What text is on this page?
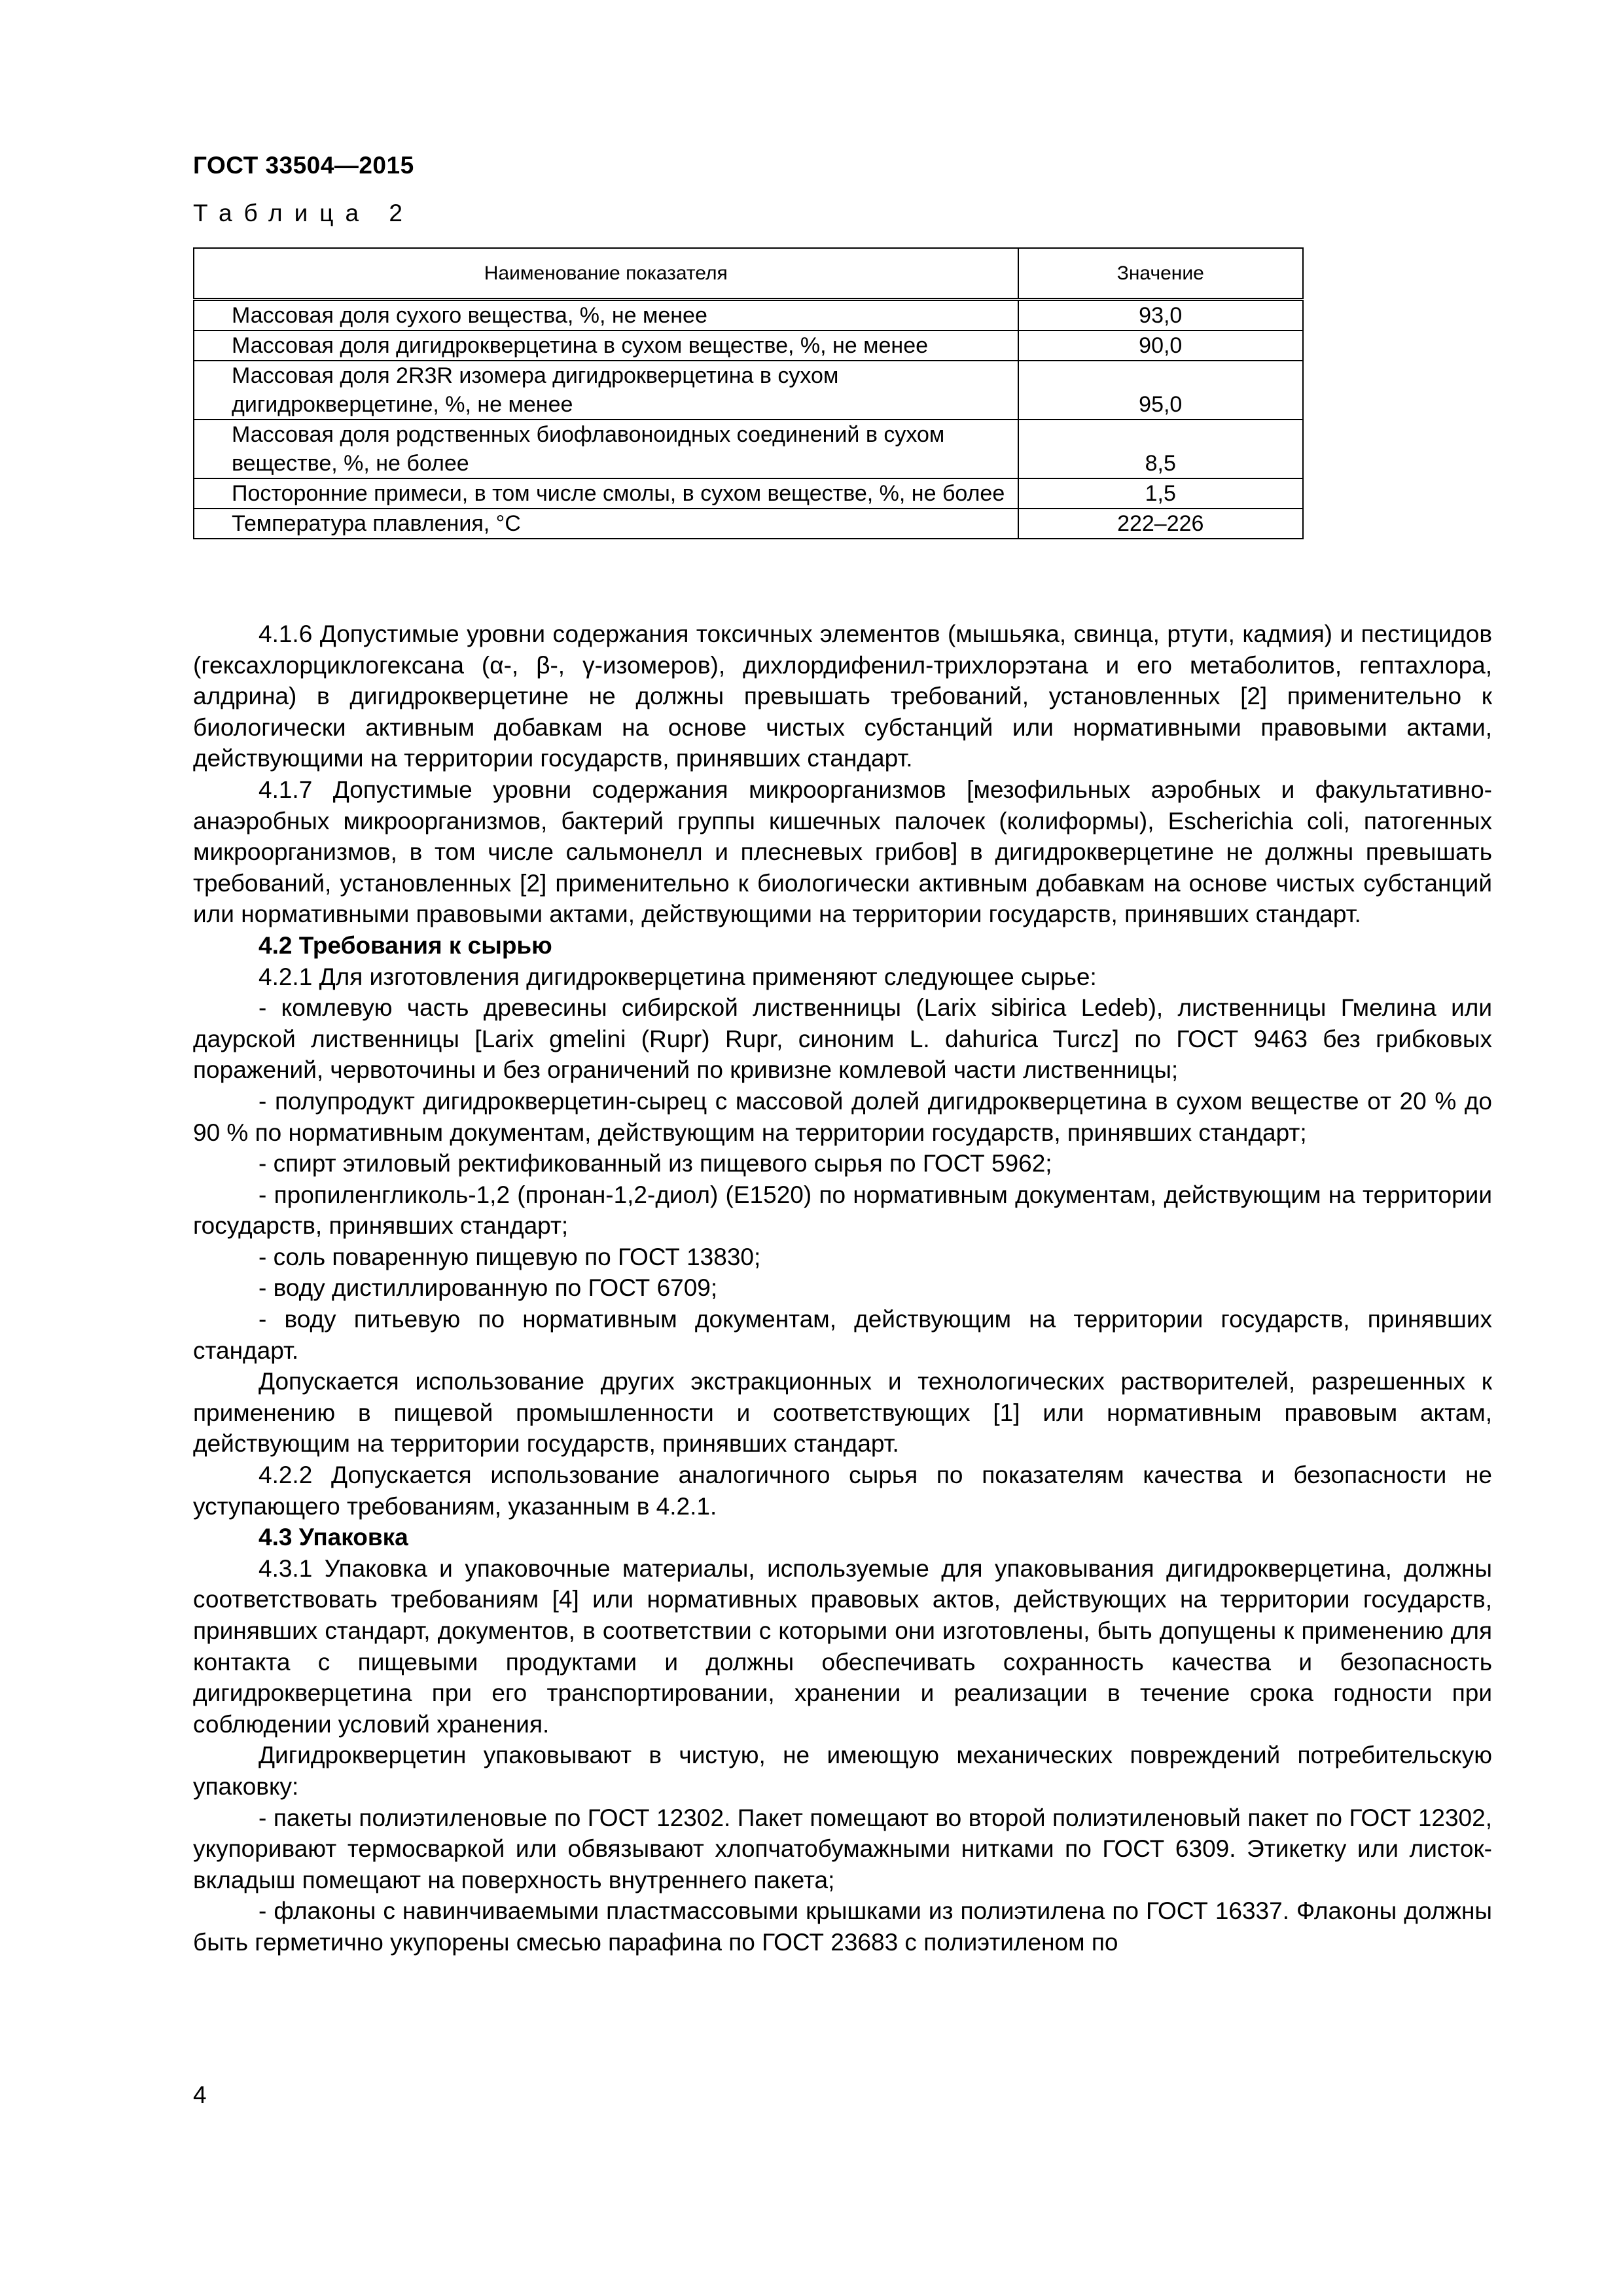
ГОСТ 33504—2015
Таблица 2
Наименование показателя	Значение
Массовая доля сухого вещества, %, не менее	93,0
Массовая доля дигидрокверцетина в сухом веществе, %, не менее	90,0
Массовая доля 2R3R изомера дигидрокверцетина в сухом дигидрокверцетине, %, не менее	95,0
Массовая доля родственных биофлавоноидных соединений в сухом веществе, %, не более	8,5
Посторонние примеси, в том числе смолы, в сухом веществе, %, не более	1,5
Температура плавления, °С	222–226

4.1.6 Допустимые уровни содержания токсичных элементов (мышьяка, свинца, ртути, кадмия) и пестицидов (гексахлорциклогексана (α-, β-, γ-изомеров), дихлордифенил-трихлорэтана и его метаболитов, гептахлора, алдрина) в дигидрокверцетине не должны превышать требований, установленных [2] применительно к биологически активным добавкам на основе чистых субстанций или нормативными правовыми актами, действующими на территории государств, принявших стандарт.

4.1.7 Допустимые уровни содержания микроорганизмов [мезофильных аэробных и факультативно-анаэробных микроорганизмов, бактерий группы кишечных палочек (колиформы), Escherichia coli, патогенных микроорганизмов, в том числе сальмонелл и плесневых грибов] в дигидрокверцетине не должны превышать требований, установленных [2] применительно к биологически активным добавкам на основе чистых субстанций или нормативными правовыми актами, действующими на территории государств, принявших стандарт.

4.2 Требования к сырью

4.2.1 Для изготовления дигидрокверцетина применяют следующее сырье:

- комлевую часть древесины сибирской лиственницы (Larix sibirica Ledeb), лиственницы Гмелина или даурской лиственницы [Larix gmelini (Rupr) Rupr, синоним L. dahurica Turcz] по ГОСТ 9463 без грибковых поражений, червоточины и без ограничений по кривизне комлевой части лиственницы;

- полупродукт дигидрокверцетин-сырец с массовой долей дигидрокверцетина в сухом веществе от 20 % до 90 % по нормативным документам, действующим на территории государств, принявших стандарт;

- спирт этиловый ректификованный из пищевого сырья по ГОСТ 5962;

- пропиленгликоль-1,2 (пронан-1,2-диол) (Е1520) по нормативным документам, действующим на территории государств, принявших стандарт;

- соль поваренную пищевую по ГОСТ 13830;

- воду дистиллированную по ГОСТ 6709;

- воду питьевую по нормативным документам, действующим на территории государств, принявших стандарт.

Допускается использование других экстракционных и технологических растворителей, разрешенных к применению в пищевой промышленности и соответствующих [1] или нормативным правовым актам, действующим на территории государств, принявших стандарт.

4.2.2 Допускается использование аналогичного сырья по показателям качества и безопасности не уступающего требованиям, указанным в 4.2.1.

4.3 Упаковка

4.3.1 Упаковка и упаковочные материалы, используемые для упаковывания дигидрокверцетина, должны соответствовать требованиям [4] или нормативных правовых актов, действующих на территории государств, принявших стандарт, документов, в соответствии с которыми они изготовлены, быть допущены к применению для контакта с пищевыми продуктами и должны обеспечивать сохранность качества и безопасность дигидрокверцетина при его транспортировании, хранении и реализации в течение срока годности при соблюдении условий хранения.

Дигидрокверцетин упаковывают в чистую, не имеющую механических повреждений потребительскую упаковку:

- пакеты полиэтиленовые по ГОСТ 12302. Пакет помещают во второй полиэтиленовый пакет по ГОСТ 12302, укупоривают термосваркой или обвязывают хлопчатобумажными нитками по ГОСТ 6309. Этикетку или листок-вкладыш помещают на поверхность внутреннего пакета;

- флаконы с навинчиваемыми пластмассовыми крышками из полиэтилена по ГОСТ 16337. Флаконы должны быть герметично укупорены смесью парафина по ГОСТ 23683 с полиэтиленом по

4
